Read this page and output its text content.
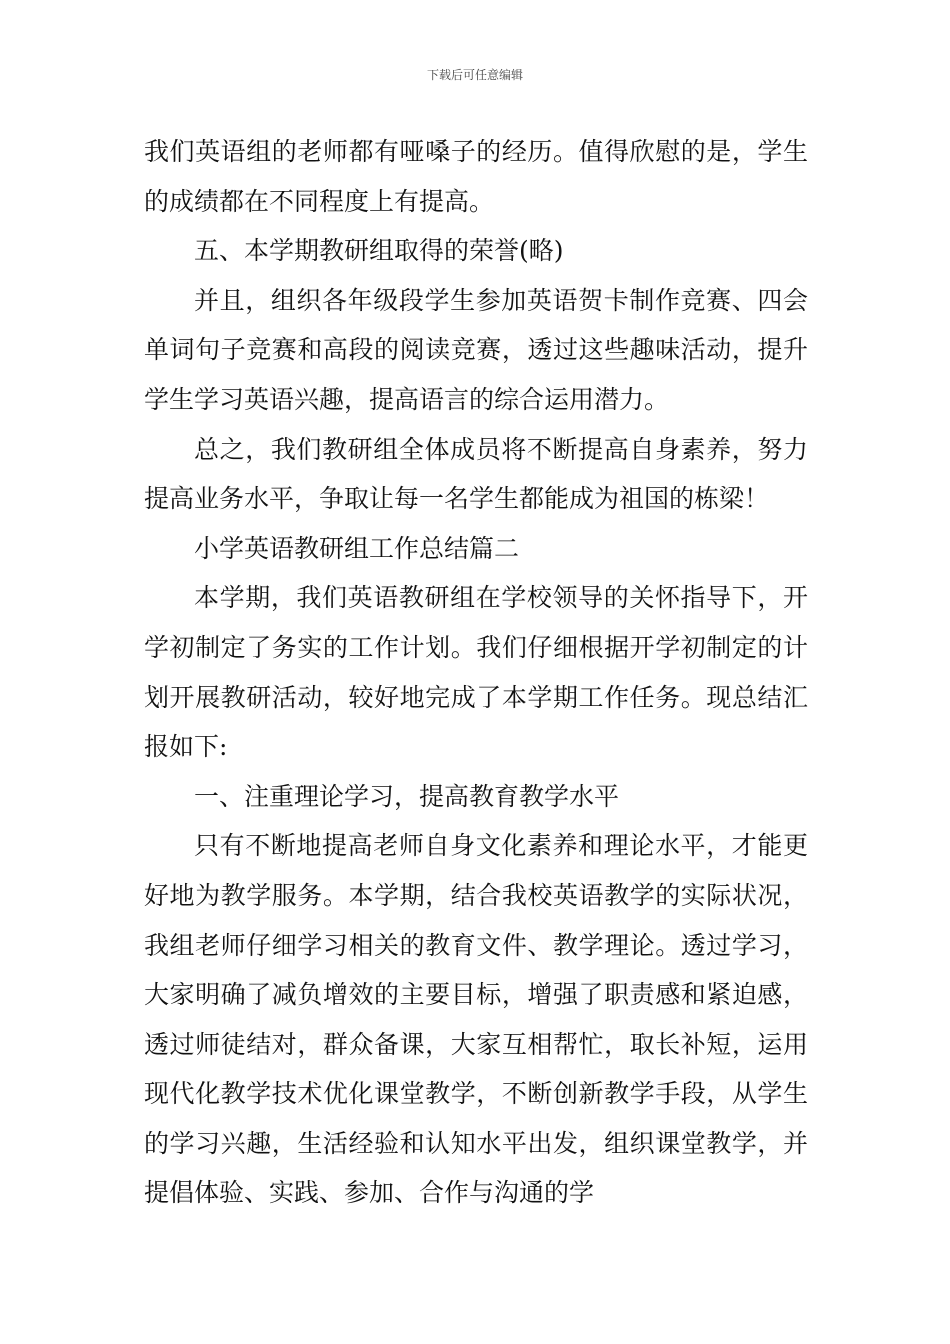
下载后可任意编辑

我们英语组的老师都有哑嗓子的经历。值得欣慰的是，学生的成绩都在不同程度上有提高。

五、本学期教研组取得的荣誉(略)

并且，组织各年级段学生参加英语贺卡制作竞赛、四会单词句子竞赛和高段的阅读竞赛，透过这些趣味活动，提升学生学习英语兴趣，提高语言的综合运用潜力。

总之，我们教研组全体成员将不断提高自身素养，努力提高业务水平，争取让每一名学生都能成为祖国的栋梁！

小学英语教研组工作总结篇二

本学期，我们英语教研组在学校领导的关怀指导下，开学初制定了务实的工作计划。我们仔细根据开学初制定的计划开展教研活动，较好地完成了本学期工作任务。现总结汇报如下:

一、注重理论学习，提高教育教学水平

只有不断地提高老师自身文化素养和理论水平，才能更好地为教学服务。本学期，结合我校英语教学的实际状况，我组老师仔细学习相关的教育文件、教学理论。透过学习，大家明确了减负增效的主要目标，增强了职责感和紧迫感，透过师徒结对，群众备课，大家互相帮忙，取长补短，运用现代化教学技术优化课堂教学，不断创新教学手段，从学生的学习兴趣，生活经验和认知水平出发，组织课堂教学，并提倡体验、实践、参加、合作与沟通的学
